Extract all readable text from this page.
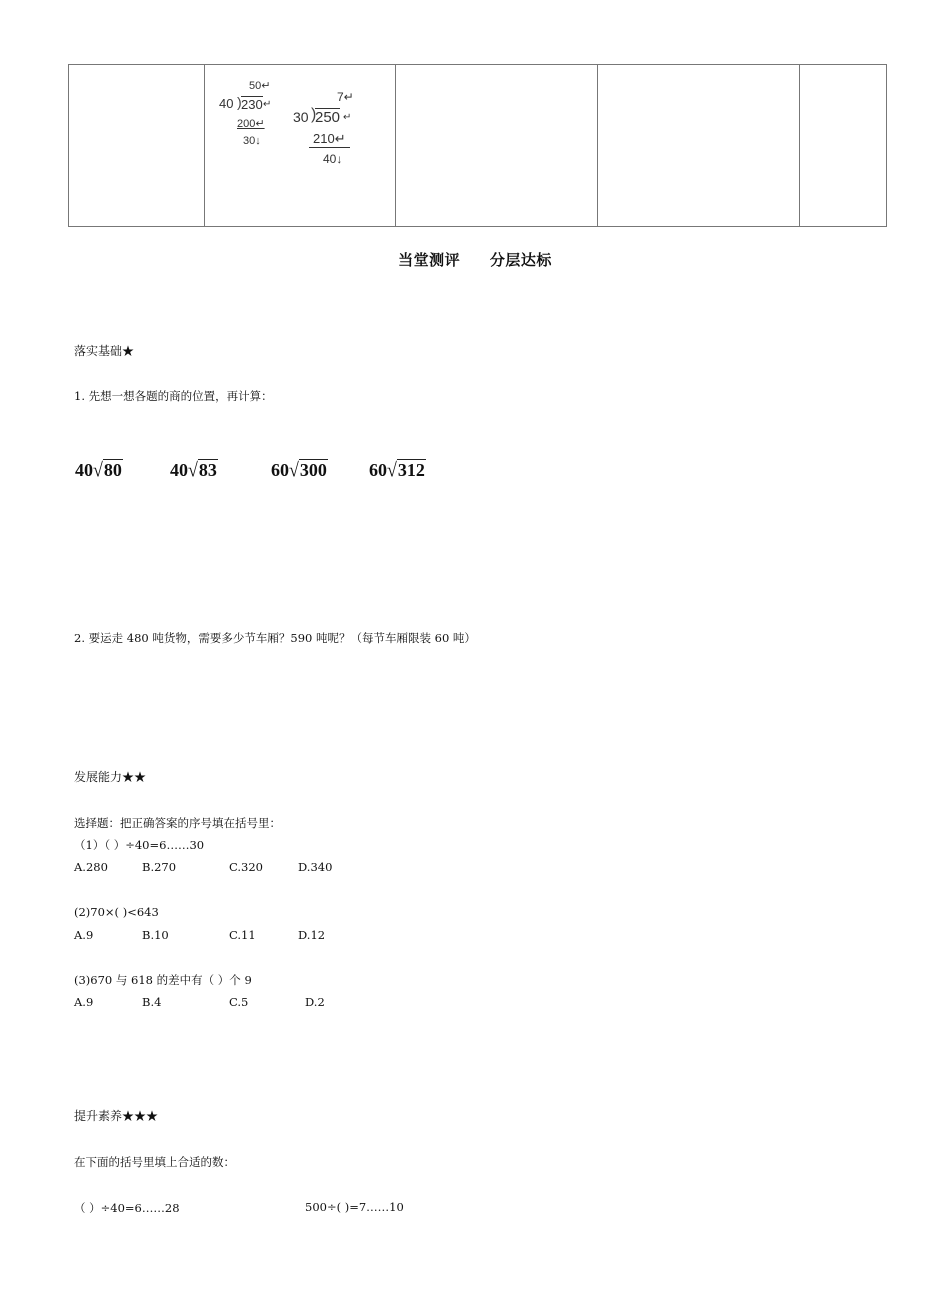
50↵
40 ) 230 ↵
200↵
30↓
7↵
30 )
250 ↵
210↵
40↓

当堂测评 分层达标
落实基础★
1. 先想一想各题的商的位置，再计算：
40√80	40√83	60√300 60√312
2. 要运走 480 吨货物，需要多少节车厢？590 吨呢？（每节车厢限装 60 吨）
发展能力★★
选择题：把正确答案的序号填在括号里：
（1）（ ）÷40=6……30
A.280	B.270	C.320	D.340
(2)70×( )<643
A.9	B.10	C.11	D.12
(3)670 与 618 的差中有（ ）个 9
A.9	B.4	C.5	D.2
提升素养★★★
在下面的括号里填上合适的数：
（ ）÷40=6……28	500÷( )=7……10
